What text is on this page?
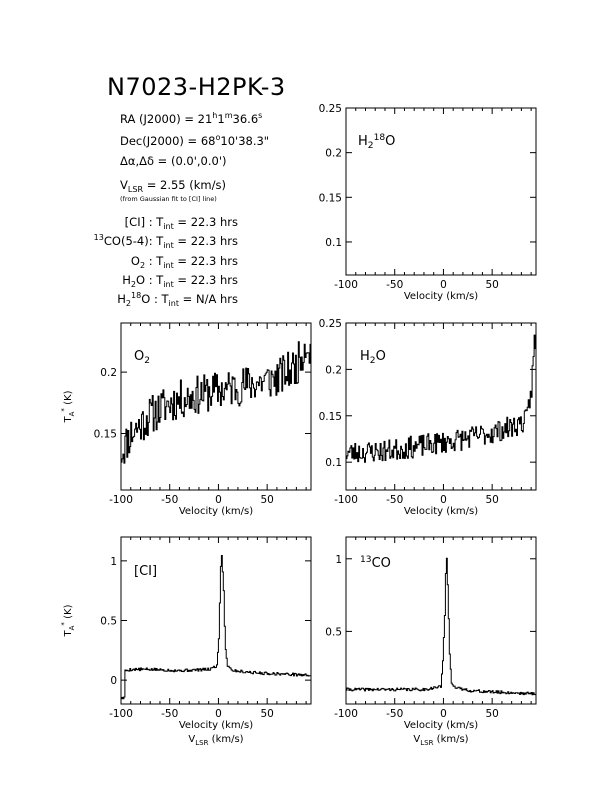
N7023-H2PK-3
RA $(J2000) = 21^h1^m36.6^s$
$Dec(J2000) = 68^o10'38.3$"
Δα,Δδ = (0.0',0.0')
$V_{LSR} = 2.55$ (km/s)
(from Gaussian fit to [CI] line)
[CI] : $T_{int} = 22.3$ hrs
$^{13}$CO(5-4): $T_{int} = 22.3$ hrs
$O_2$ : $T_{int} = 22.3$ hrs
$H_2O$ : $T_{int} = 22.3$ hrs
$H_2^{18}O$ : $T_{int} = N/A$ hrs
-100	-50	0	50
0.1
0.15
0.2
0.25
Velocity (km/s)
$H_2^{18}O$
-100	-50	0	50
0.15
0.2
Velocity (km/s)
$T_A^*$ (K)
$O_2$
-100	-50	0	50
0.1
0.15
0.2
0.25
Velocity (km/s)
$H_2O$
-100	-50	0	50
0
0.5
1
Velocity (km/s)
$V_{LSR}$ (km/s)
$T_A^*$ (K)
[CI]
-100	-50	0	50
0.5
1
Velocity (km/s)
$V_{LSR}$ (km/s)
$^{13}$CO
